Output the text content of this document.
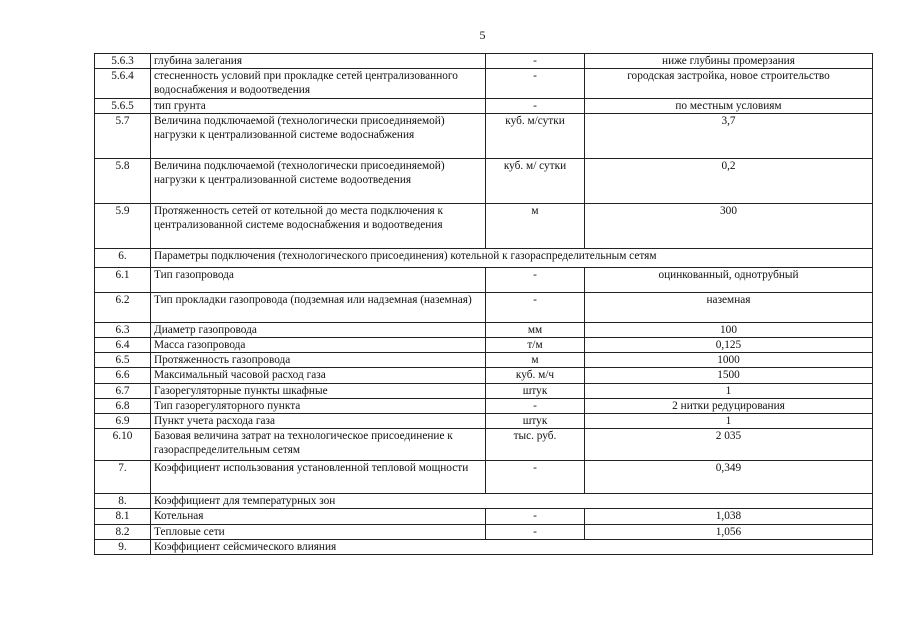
5
5.6.3	глубина залегания	-	ниже глубины промерзания
5.6.4	стесненность условий при прокладке сетей централизованного водоснабжения и водоотведения	-	городская застройка, новое строительство
5.6.5	тип грунта	-	по местным условиям
5.7	Величина подключаемой (технологически присоединяемой) нагрузки к централизованной системе водоснабжения	куб. м/сутки	3,7
5.8	Величина подключаемой (технологически присоединяемой) нагрузки к централизованной системе водоотведения	куб. м/ сутки	0,2
5.9	Протяженность сетей от котельной до места подключения к централизованной системе водоснабжения и водоотведения	м	300
6.	Параметры подключения (технологического присоединения) котельной к газораспределительным сетям		
6.1	Тип газопровода	-	оцинкованный, однотрубный
6.2	Тип прокладки газопровода (подземная или надземная (наземная)	-	наземная
6.3	Диаметр газопровода	мм	100
6.4	Масса газопровода	т/м	0,125
6.5	Протяженность газопровода	м	1000
6.6	Максимальный часовой расход газа	куб. м/ч	1500
6.7	Газорегуляторные пункты шкафные	штук	1
6.8	Тип газорегуляторного пункта	-	2 нитки редуцирования
6.9	Пункт учета расхода газа	штук	1
6.10	Базовая величина затрат на технологическое присоединение к газораспределительным сетям	тыс. руб.	2 035
7.	Коэффициент использования установленной тепловой мощности	-	0,349
8.	Коэффициент для температурных зон		
8.1	Котельная	-	1,038
8.2	Тепловые сети	-	1,056
9.	Коэффициент сейсмического влияния		
